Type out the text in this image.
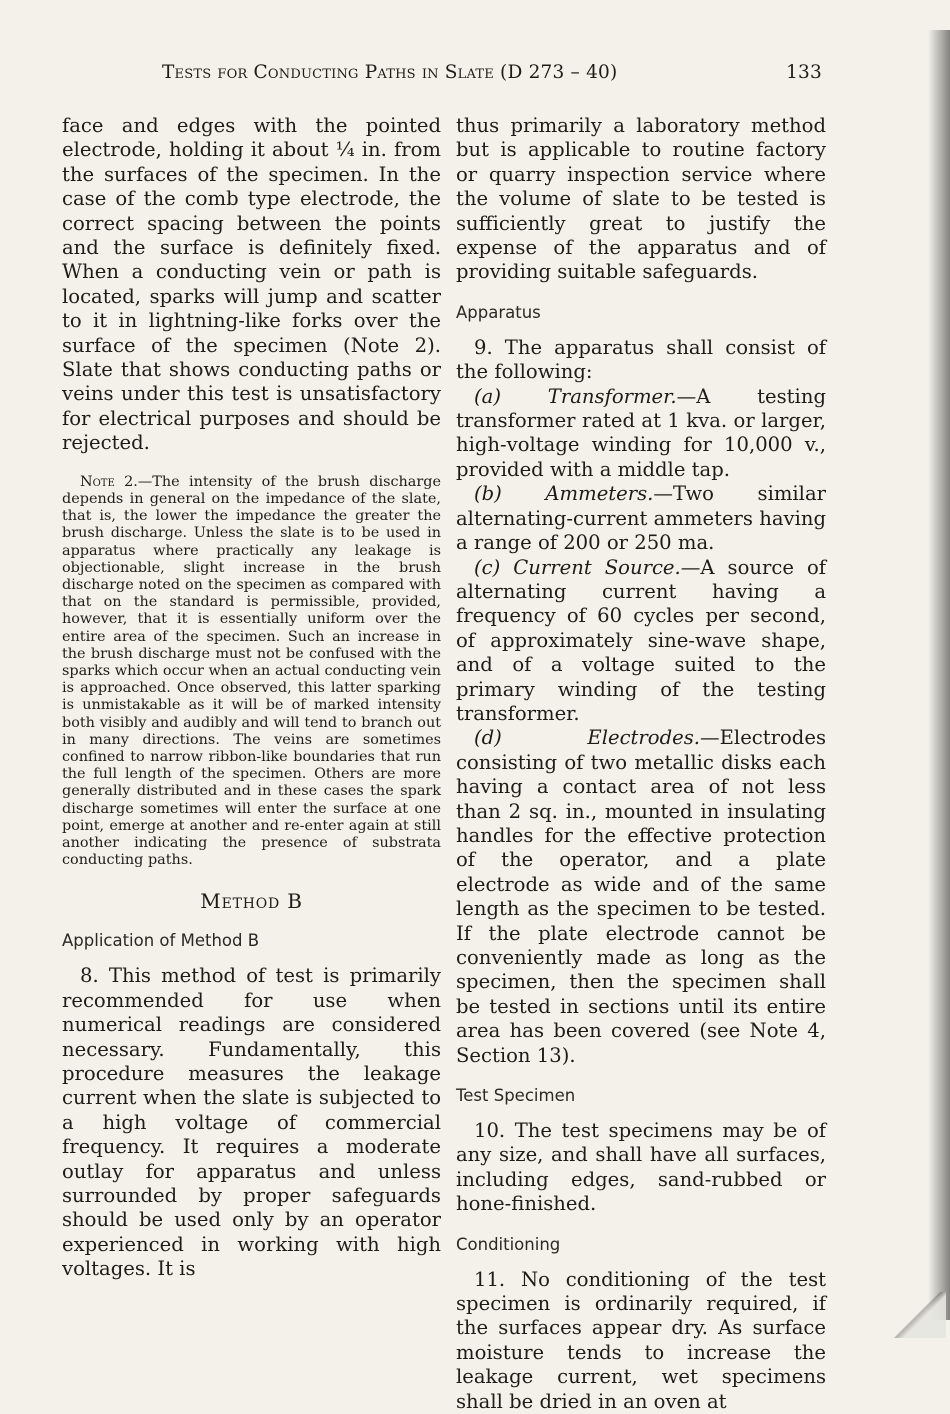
Tests for Conducting Paths in Slate (D 273 – 40)	133

face and edges with the pointed electrode, holding it about ¼ in. from the surfaces of the specimen. In the case of the comb type electrode, the correct spacing between the points and the surface is definitely fixed. When a conducting vein or path is located, sparks will jump and scatter to it in lightning-like forks over the surface of the specimen (Note 2). Slate that shows conducting paths or veins under this test is unsatisfactory for electrical purposes and should be rejected.

Note 2.—The intensity of the brush discharge depends in general on the impedance of the slate, that is, the lower the impedance the greater the brush discharge. Unless the slate is to be used in apparatus where practically any leakage is objectionable, slight increase in the brush discharge noted on the specimen as compared with that on the standard is permissible, provided, however, that it is essentially uniform over the entire area of the specimen. Such an increase in the brush discharge must not be confused with the sparks which occur when an actual conducting vein is approached. Once observed, this latter sparking is unmistakable as it will be of marked intensity both visibly and audibly and will tend to branch out in many directions. The veins are sometimes confined to narrow ribbon-like boundaries that run the full length of the specimen. Others are more generally distributed and in these cases the spark discharge sometimes will enter the surface at one point, emerge at another and re-enter again at still another indicating the presence of substrata conducting paths.

Method B
Application of Method B

8. This method of test is primarily recommended for use when numerical readings are considered necessary. Fundamentally, this procedure measures the leakage current when the slate is subjected to a high voltage of commercial frequency. It requires a moderate outlay for apparatus and unless surrounded by proper safeguards should be used only by an operator experienced in working with high voltages. It is

thus primarily a laboratory method but is applicable to routine factory or quarry inspection service where the volume of slate to be tested is sufficiently great to justify the expense of the apparatus and of providing suitable safeguards.

Apparatus

9. The apparatus shall consist of the following:

(a) Transformer.—A testing transformer rated at 1 kva. or larger, high-voltage winding for 10,000 v., provided with a middle tap.

(b) Ammeters.—Two similar alternating-current ammeters having a range of 200 or 250 ma.

(c) Current Source.—A source of alternating current having a frequency of 60 cycles per second, of approximately sine-wave shape, and of a voltage suited to the primary winding of the testing transformer.

(d) Electrodes.—Electrodes consisting of two metallic disks each having a contact area of not less than 2 sq. in., mounted in insulating handles for the effective protection of the operator, and a plate electrode as wide and of the same length as the specimen to be tested. If the plate electrode cannot be conveniently made as long as the specimen, then the specimen shall be tested in sections until its entire area has been covered (see Note 4, Section 13).

Test Specimen

10. The test specimens may be of any size, and shall have all surfaces, including edges, sand-rubbed or hone-finished.

Conditioning

11. No conditioning of the test specimen is ordinarily required, if the surfaces appear dry. As surface moisture tends to increase the leakage current, wet specimens shall be dried in an oven at
